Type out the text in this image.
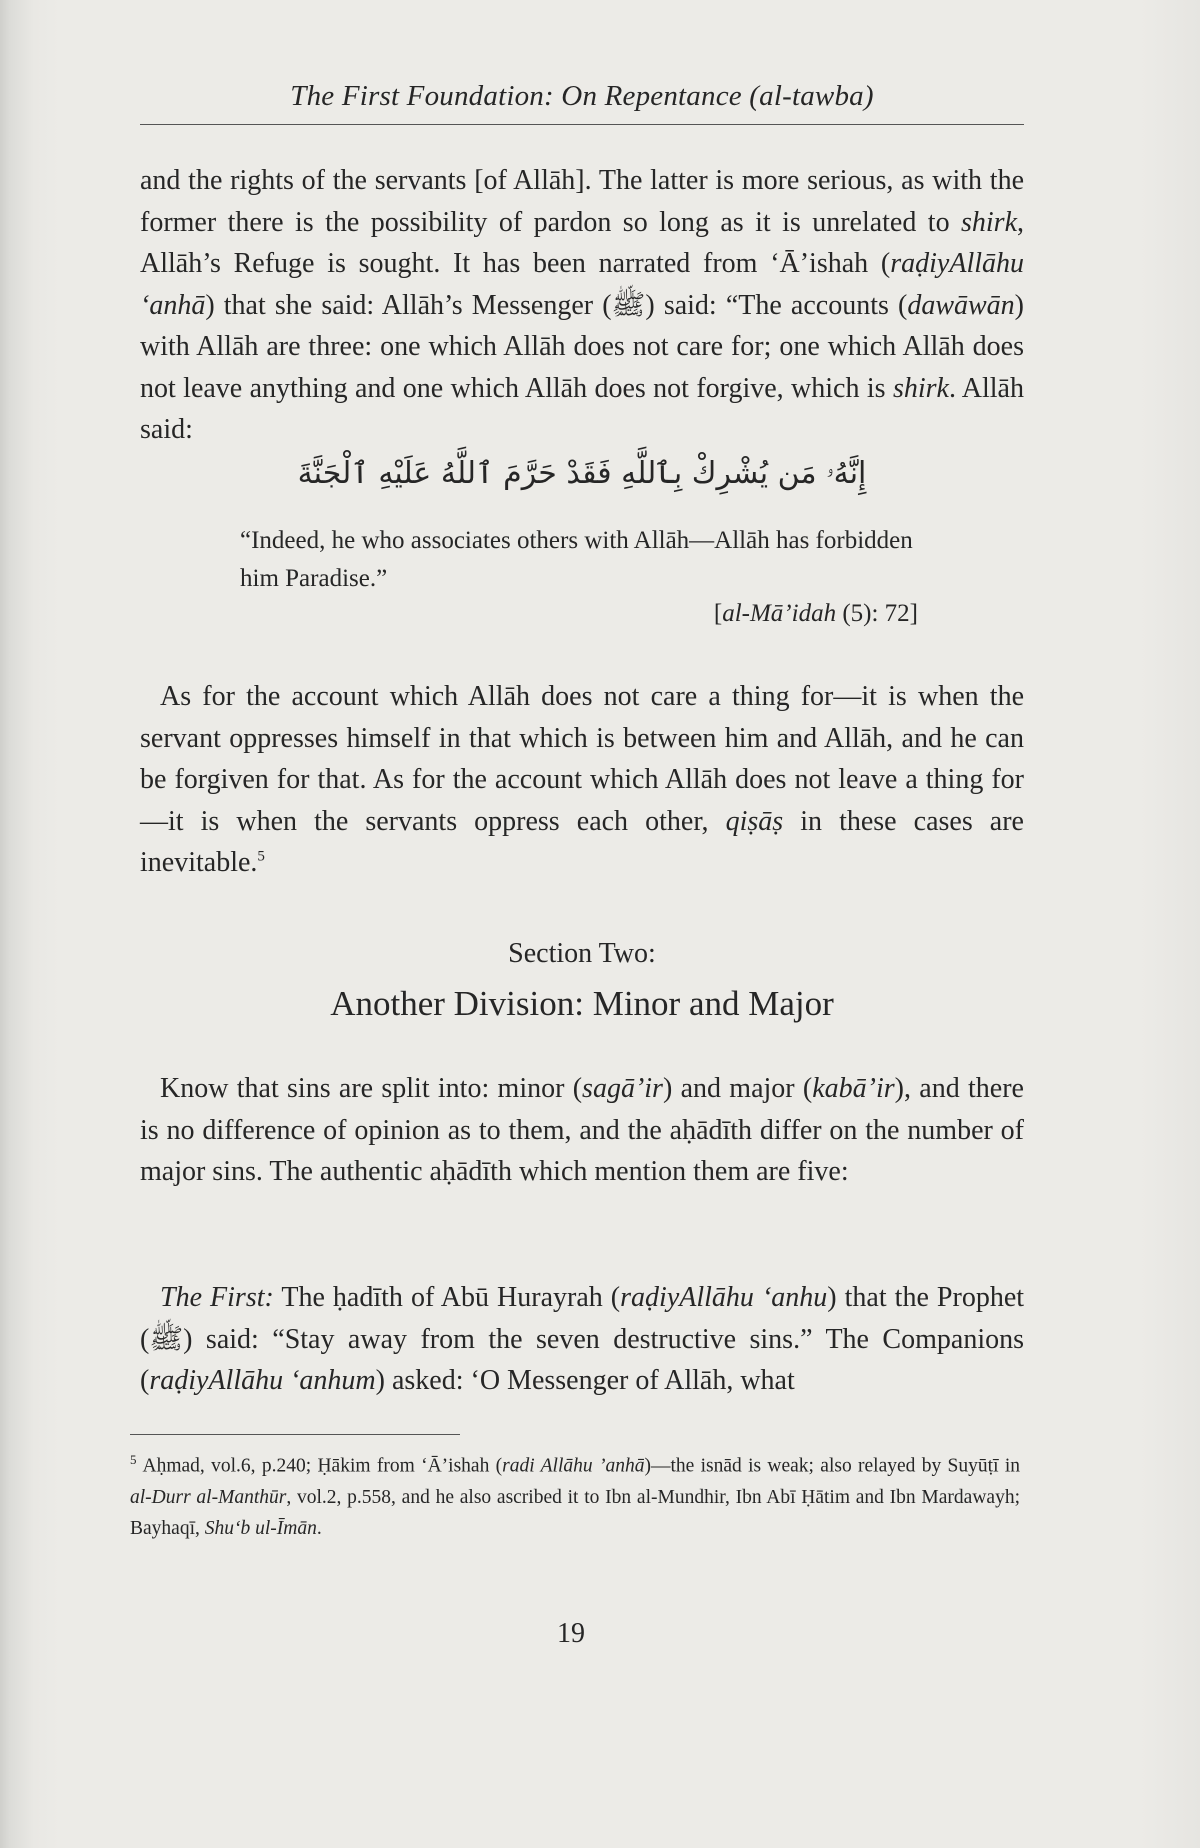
The First Foundation: On Repentance (al-tawba)
and the rights of the servants [of Allāh]. The latter is more serious, as with the former there is the possibility of pardon so long as it is unrelated to shirk, Allāh’s Refuge is sought. It has been narrated from ‘Ā’ishah (raḍiyAllāhu ‘anhā) that she said: Allāh’s Messenger (ﷺ) said: “The accounts (dawāwān) with Allāh are three: one which Allāh does not care for; one which Allāh does not leave anything and one which Allāh does not forgive, which is shirk. Allāh said:
إِنَّهُۥ مَن يُشْرِكْ بِٱللَّهِ فَقَدْ حَرَّمَ ٱللَّهُ عَلَيْهِ ٱلْجَنَّةَ
“Indeed, he who associates others with Allāh—Allāh has forbidden him Paradise.”
[al-Mā’idah (5): 72]
As for the account which Allāh does not care a thing for—it is when the servant oppresses himself in that which is between him and Allāh, and he can be forgiven for that. As for the account which Allāh does not leave a thing for—it is when the servants oppress each other, qiṣāṣ in these cases are inevitable.$^5$
Section Two:
Another Division: Minor and Major
Know that sins are split into: minor (sagā’ir) and major (kabā’ir), and there is no difference of opinion as to them, and the aḥādīth differ on the number of major sins. The authentic aḥādīth which mention them are five:
The First: The ḥadīth of Abū Hurayrah (raḍiyAllāhu ‘anhu) that the Prophet (ﷺ) said: “Stay away from the seven destructive sins.” The Companions (raḍiyAllāhu ‘anhum) asked: ‘O Messenger of Allāh, what
$^5$ Aḥmad, vol.6, p.240; Ḥākim from ‘Ā’ishah (radi Allāhu ’anhā)—the isnād is weak; also relayed by Suyūṭī in al-Durr al-Manthūr, vol.2, p.558, and he also ascribed it to Ibn al-Mundhir, Ibn Abī Ḥātim and Ibn Mardawayh; Bayhaqī, Shu‘b ul-Īmān.
19
